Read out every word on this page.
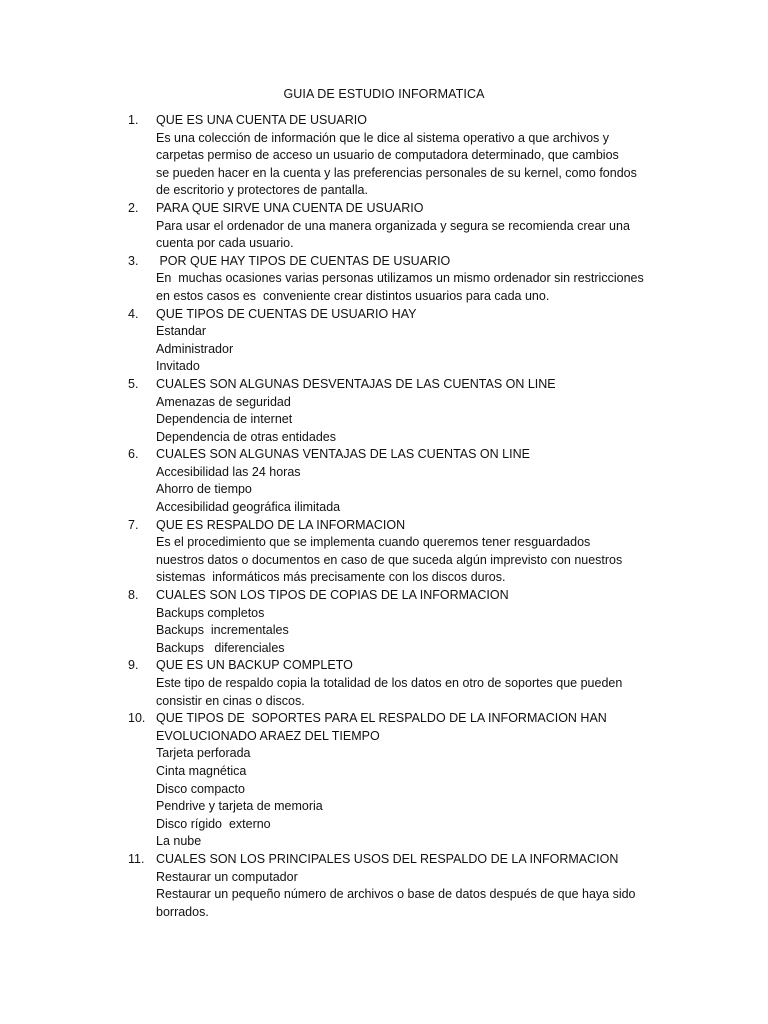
GUIA DE ESTUDIO INFORMATICA
1.	QUE ES UNA CUENTA DE USUARIO
Es una colección de información que le dice al sistema operativo a que archivos y
carpetas permiso de acceso un usuario de computadora determinado, que cambios
se pueden hacer en la cuenta y las preferencias personales de su kernel, como fondos
de escritorio y protectores de pantalla.
2.	PARA QUE SIRVE UNA CUENTA DE USUARIO
Para usar el ordenador de una manera organizada y segura se recomienda crear una
cuenta por cada usuario.
3.	POR QUE HAY TIPOS DE CUENTAS DE USUARIO
En  muchas ocasiones varias personas utilizamos un mismo ordenador sin restricciones
en estos casos es  conveniente crear distintos usuarios para cada uno.
4.	QUE TIPOS DE CUENTAS DE USUARIO HAY
Estandar
Administrador
Invitado
5.	CUALES SON ALGUNAS DESVENTAJAS DE LAS CUENTAS ON LINE
Amenazas de seguridad
Dependencia de internet
Dependencia de otras entidades
6.	CUALES SON ALGUNAS VENTAJAS DE LAS CUENTAS ON LINE
Accesibilidad las 24 horas
Ahorro de tiempo
Accesibilidad geográfica ilimitada
7.	QUE ES RESPALDO DE LA INFORMACION
Es el procedimiento que se implementa cuando queremos tener resguardados
nuestros datos o documentos en caso de que suceda algún imprevisto con nuestros
sistemas  informáticos más precisamente con los discos duros.
8.	CUALES SON LOS TIPOS DE COPIAS DE LA INFORMACION
Backups completos
Backups  incrementales
Backups   diferenciales
9.	QUE ES UN BACKUP COMPLETO
Este tipo de respaldo copia la totalidad de los datos en otro de soportes que pueden
consistir en cinas o discos.
10. QUE TIPOS DE  SOPORTES PARA EL RESPALDO DE LA INFORMACION HAN
EVOLUCIONADO ARAEZ DEL TIEMPO
Tarjeta perforada
Cinta magnética
Disco compacto
Pendrive y tarjeta de memoria
Disco rígido  externo
La nube
11. CUALES SON LOS PRINCIPALES USOS DEL RESPALDO DE LA INFORMACION
Restaurar un computador
Restaurar un pequeño número de archivos o base de datos después de que haya sido
borrados.
